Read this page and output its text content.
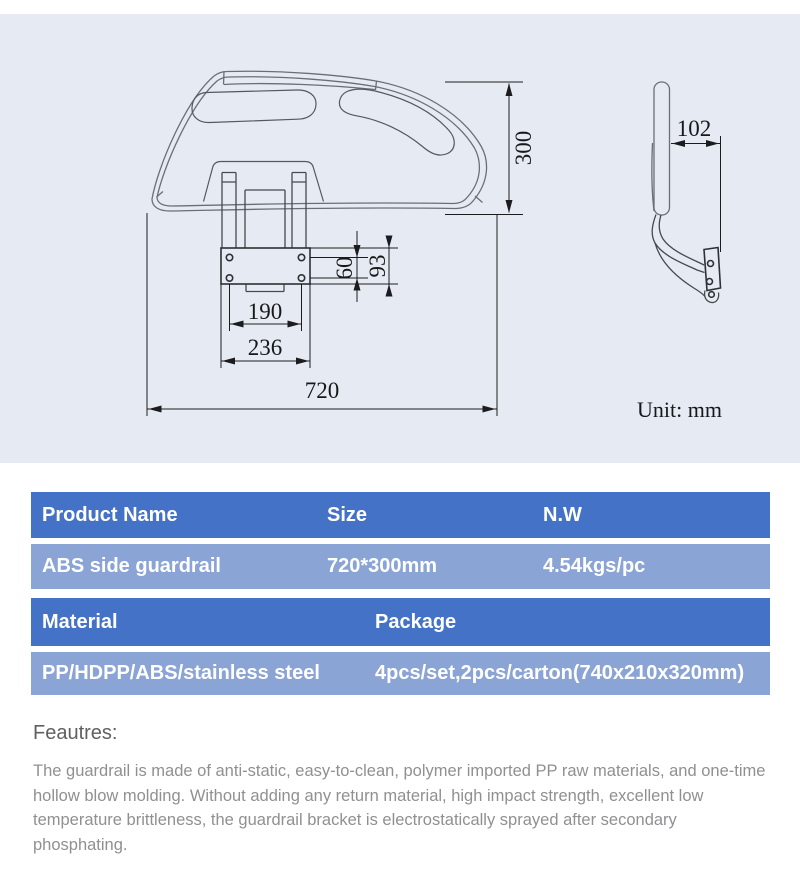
300
720
190
236
60 93
102
Unit: mm
Product Name	Size	N.W
ABS side guardrail	720*300mm	4.54kgs/pc
Material	Package
PP/HDPP/ABS/stainless steel	4pcs/set,2pcs/carton(740x210x320mm)
Feautres:
The guardrail is made of anti-static, easy-to-clean, polymer imported PP raw materials, and one-time
hollow blow molding. Without adding any return material, high impact strength, excellent low
temperature brittleness, the guardrail bracket is electrostatically sprayed after secondary
phosphating.
